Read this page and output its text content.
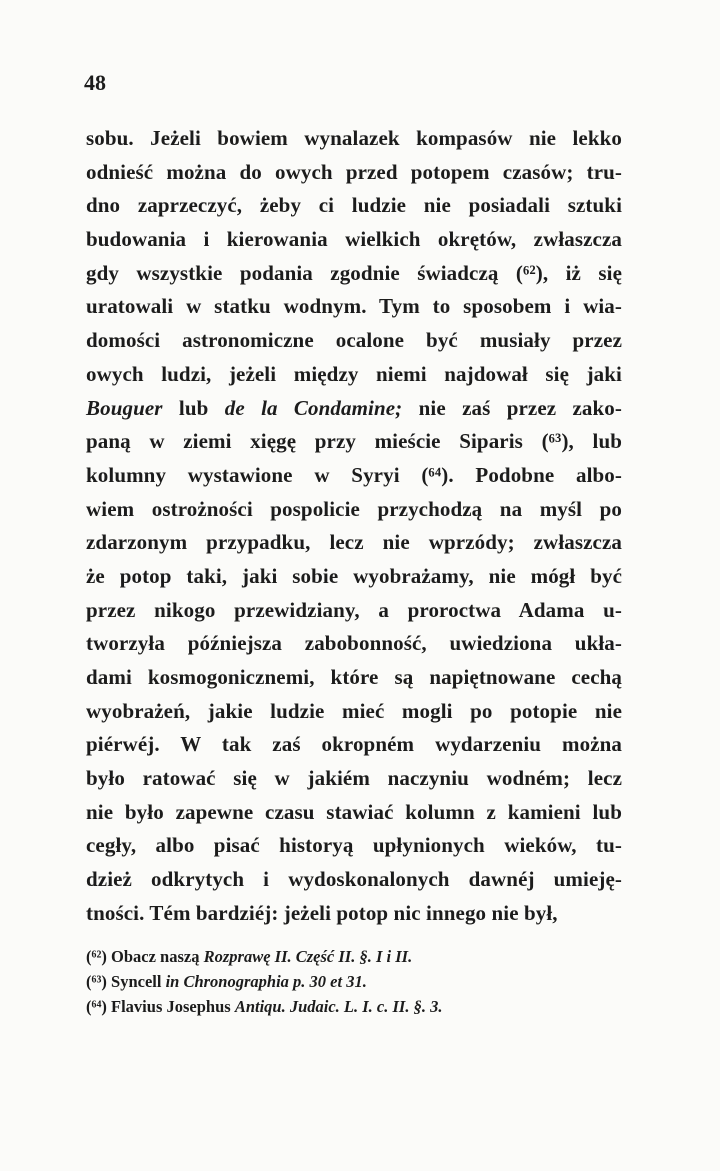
48
sobu. Jeżeli bowiem wynalazek kompasów nie lekko
odnieść można do owych przed potopem czasów; tru-
dno zaprzeczyć, żeby ci ludzie nie posiadali sztuki
budowania i kierowania wielkich okrętów, zwłaszcza
gdy wszystkie podania zgodnie świadczą (⁶²), iż się
uratowali w statku wodnym. Tym to sposobem i wia-
domości astronomiczne ocalone być musiały przez
owych ludzi, jeżeli między niemi najdował się jaki
Bouguer lub de la Condamine; nie zaś przez zako-
paną w ziemi xięgę przy mieście Siparis (⁶³), lub
kolumny wystawione w Syryi (⁶⁴). Podobne albo-
wiem ostrożności pospolicie przychodzą na myśl po
zdarzonym przypadku, lecz nie wprzódy; zwłaszcza
że potop taki, jaki sobie wyobrażamy, nie mógł być
przez nikogo przewidziany, a proroctwa Adama u-
tworzyła późniejsza zabobonność, uwiedziona ukła-
dami kosmogonicznemi, które są napiętnowane cechą
wyobrażeń, jakie ludzie mieć mogli po potopie nie
piérwéj. W tak zaś okropném wydarzeniu można
było ratować się w jakiém naczyniu wodném; lecz
nie było zapewne czasu stawiać kolumn z kamieni lub
cegły, albo pisać historyą upłynionych wieków, tu-
dzież odkrytych i wydoskonalonych dawnéj umieję-
tności. Tém bardziéj: jeżeli potop nic innego nie był,
(⁶²) Obacz naszą Rozprawę II. Część II. §. I i II.
(⁶³) Syncell in Chronographia p. 30 et 31.
(⁶⁴) Flavius Josephus Antiqu. Judaic. L. I. c. II. §. 3.
